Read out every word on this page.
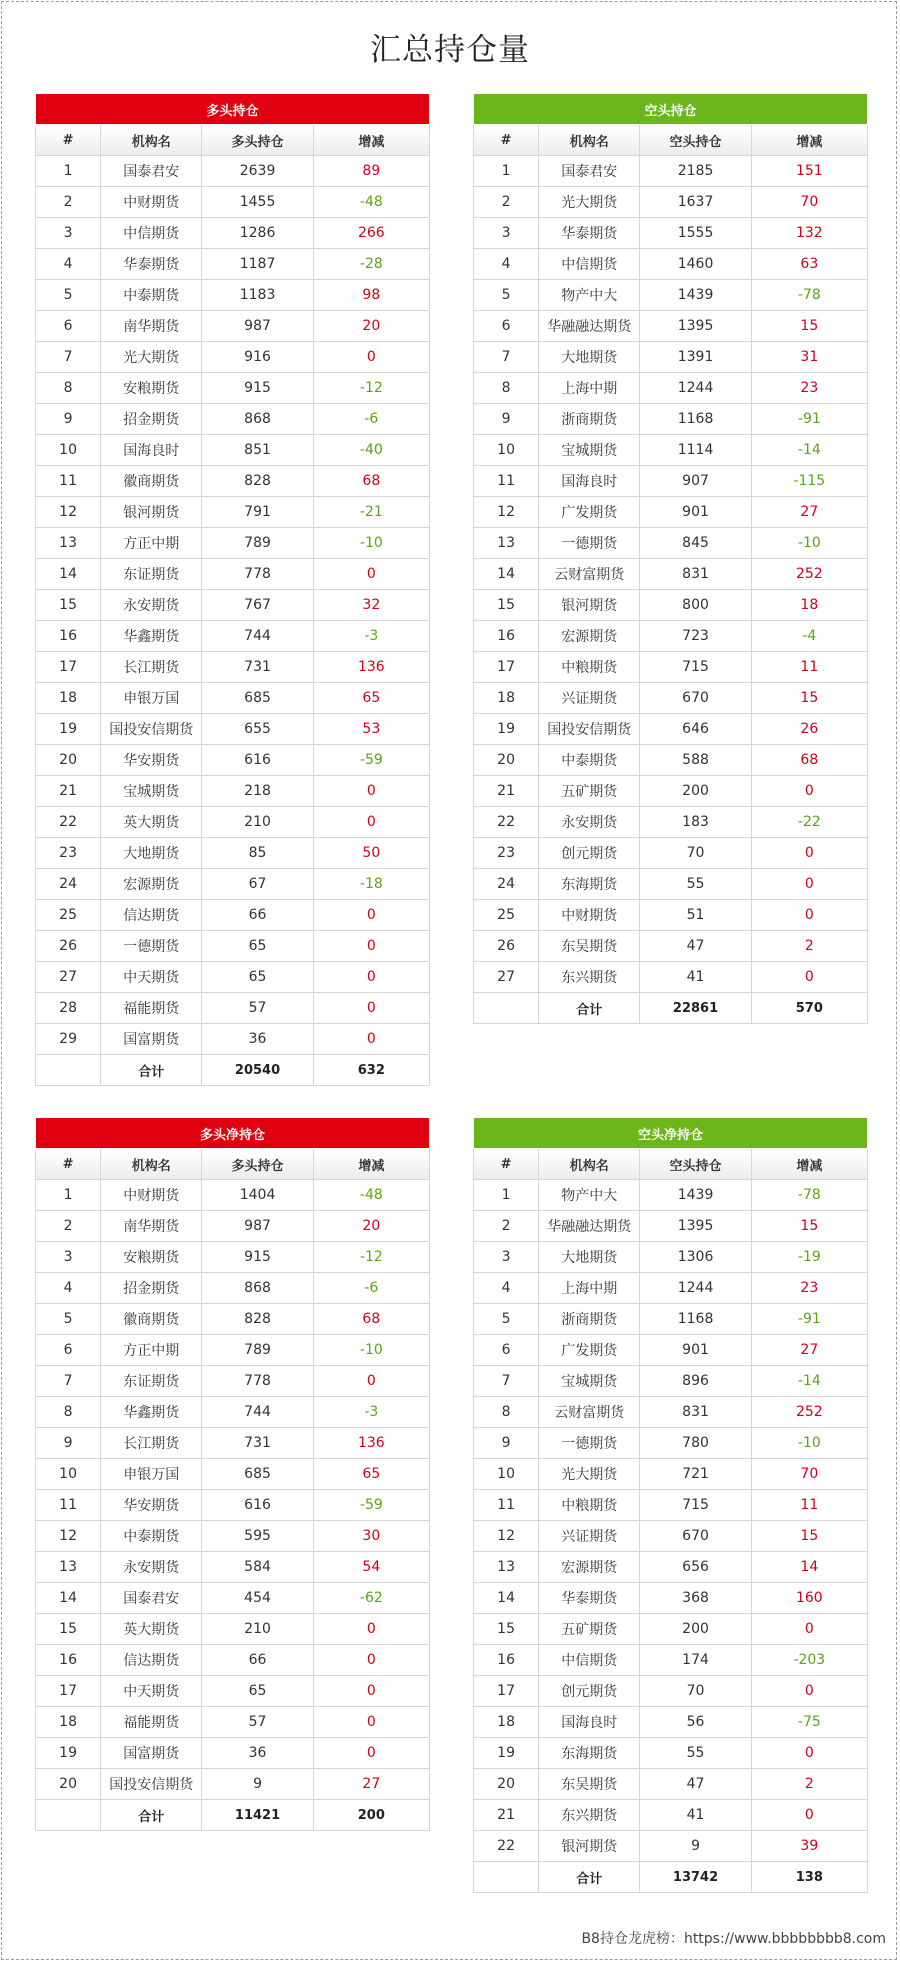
汇总持仓量
多头持仓			
#	机构名	多头持仓	增减
1	国泰君安	2639	89
2	中财期货	1455	-48
3	中信期货	1286	266
4	华泰期货	1187	-28
5	中泰期货	1183	98
6	南华期货	987	20
7	光大期货	916	0
8	安粮期货	915	-12
9	招金期货	868	-6
10	国海良时	851	-40
11	徽商期货	828	68
12	银河期货	791	-21
13	方正中期	789	-10
14	东证期货	778	0
15	永安期货	767	32
16	华鑫期货	744	-3
17	长江期货	731	136
18	申银万国	685	65
19	国投安信期货	655	53
20	华安期货	616	-59
21	宝城期货	218	0
22	英大期货	210	0
23	大地期货	85	50
24	宏源期货	67	-18
25	信达期货	66	0
26	一德期货	65	0
27	中天期货	65	0
28	福能期货	57	0
29	国富期货	36	0
	合计	20540	632
空头持仓			
#	机构名	空头持仓	增减
1	国泰君安	2185	151
2	光大期货	1637	70
3	华泰期货	1555	132
4	中信期货	1460	63
5	物产中大	1439	-78
6	华融融达期货	1395	15
7	大地期货	1391	31
8	上海中期	1244	23
9	浙商期货	1168	-91
10	宝城期货	1114	-14
11	国海良时	907	-115
12	广发期货	901	27
13	一德期货	845	-10
14	云财富期货	831	252
15	银河期货	800	18
16	宏源期货	723	-4
17	中粮期货	715	11
18	兴证期货	670	15
19	国投安信期货	646	26
20	中泰期货	588	68
21	五矿期货	200	0
22	永安期货	183	-22
23	创元期货	70	0
24	东海期货	55	0
25	中财期货	51	0
26	东吴期货	47	2
27	东兴期货	41	0
	合计	22861	570
多头净持仓			
#	机构名	多头持仓	增减
1	中财期货	1404	-48
2	南华期货	987	20
3	安粮期货	915	-12
4	招金期货	868	-6
5	徽商期货	828	68
6	方正中期	789	-10
7	东证期货	778	0
8	华鑫期货	744	-3
9	长江期货	731	136
10	申银万国	685	65
11	华安期货	616	-59
12	中泰期货	595	30
13	永安期货	584	54
14	国泰君安	454	-62
15	英大期货	210	0
16	信达期货	66	0
17	中天期货	65	0
18	福能期货	57	0
19	国富期货	36	0
20	国投安信期货	9	27
	合计	11421	200
空头净持仓			
#	机构名	空头持仓	增减
1	物产中大	1439	-78
2	华融融达期货	1395	15
3	大地期货	1306	-19
4	上海中期	1244	23
5	浙商期货	1168	-91
6	广发期货	901	27
7	宝城期货	896	-14
8	云财富期货	831	252
9	一德期货	780	-10
10	光大期货	721	70
11	中粮期货	715	11
12	兴证期货	670	15
13	宏源期货	656	14
14	华泰期货	368	160
15	五矿期货	200	0
16	中信期货	174	-203
17	创元期货	70	0
18	国海良时	56	-75
19	东海期货	55	0
20	东吴期货	47	2
21	东兴期货	41	0
22	银河期货	9	39
	合计	13742	138
B8持仓龙虎榜：https://www.bbbbbbbb8.com
